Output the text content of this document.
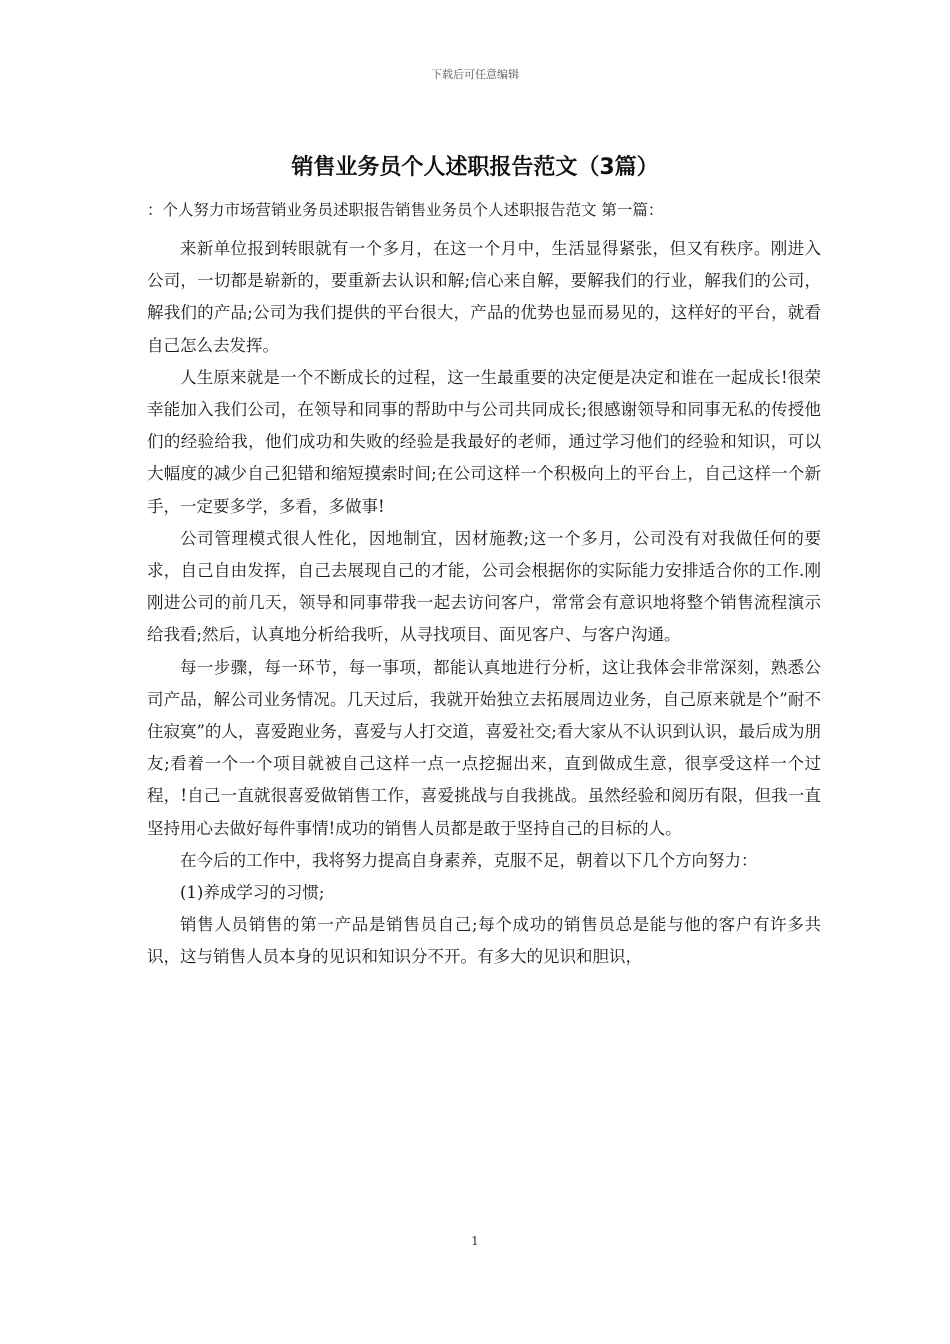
下载后可任意编辑
销售业务员个人述职报告范文（3篇）
：个人努力市场营销业务员述职报告销售业务员个人述职报告范文 第一篇：

来新单位报到转眼就有一个多月，在这一个月中，生活显得紧张，但又有秩序。刚进入公司，一切都是崭新的，要重新去认识和解;信心来自解，要解我们的行业，解我们的公司，解我们的产品;公司为我们提供的平台很大，产品的优势也显而易见的，这样好的平台，就看自己怎么去发挥。

人生原来就是一个不断成长的过程，这一生最重要的决定便是决定和谁在一起成长!很荣幸能加入我们公司，在领导和同事的帮助中与公司共同成长;很感谢领导和同事无私的传授他们的经验给我，他们成功和失败的经验是我最好的老师，通过学习他们的经验和知识，可以大幅度的减少自己犯错和缩短摸索时间;在公司这样一个积极向上的平台上，自己这样一个新手，一定要多学，多看，多做事!

公司管理模式很人性化，因地制宜，因材施教;这一个多月，公司没有对我做任何的要求，自己自由发挥，自己去展现自己的才能，公司会根据你的实际能力安排适合你的工作.刚刚进公司的前几天，领导和同事带我一起去访问客户，常常会有意识地将整个销售流程演示给我看;然后，认真地分析给我听，从寻找项目、面见客户、与客户沟通。

每一步骤，每一环节，每一事项，都能认真地进行分析，这让我体会非常深刻，熟悉公司产品，解公司业务情况。几天过后，我就开始独立去拓展周边业务，自己原来就是个”耐不住寂寞”的人，喜爱跑业务，喜爱与人打交道，喜爱社交;看大家从不认识到认识，最后成为朋友;看着一个一个项目就被自己这样一点一点挖掘出来，直到做成生意，很享受这样一个过程，!自己一直就很喜爱做销售工作，喜爱挑战与自我挑战。虽然经验和阅历有限，但我一直坚持用心去做好每件事情!成功的销售人员都是敢于坚持自己的目标的人。

在今后的工作中，我将努力提高自身素养，克服不足，朝着以下几个方向努力：

(1)养成学习的习惯;

销售人员销售的第一产品是销售员自己;每个成功的销售员总是能与他的客户有许多共识，这与销售人员本身的见识和知识分不开。有多大的见识和胆识，

1
